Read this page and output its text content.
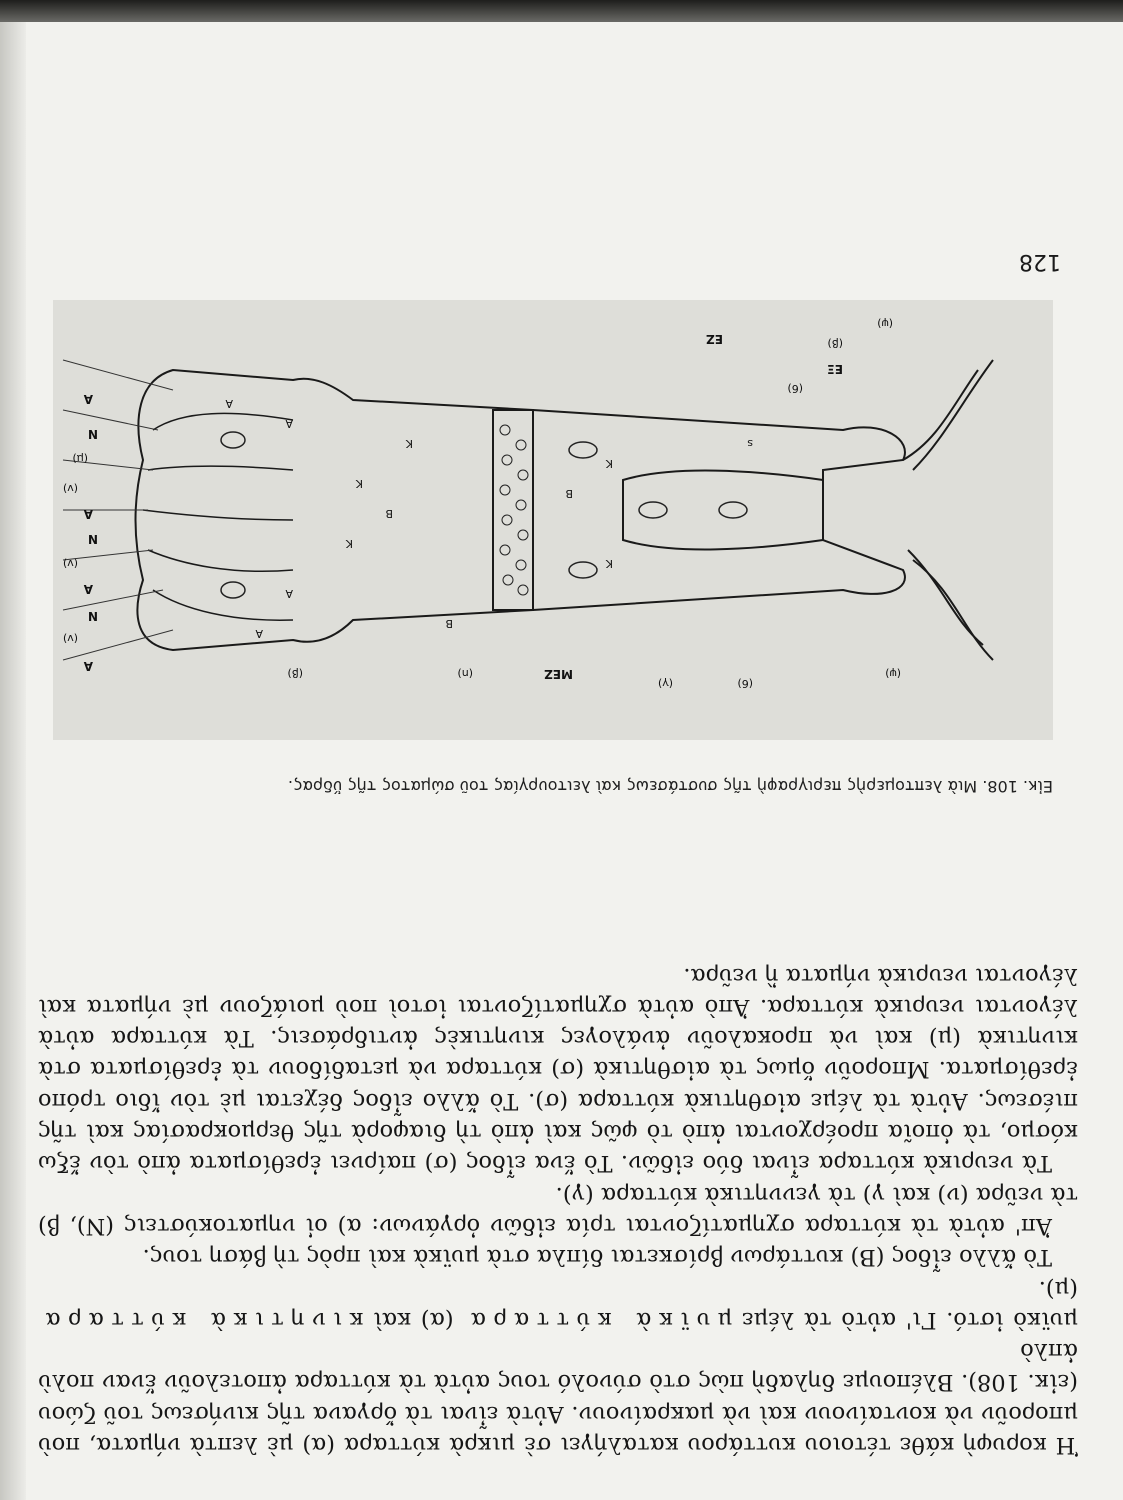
Ἡ κορυφὴ κάθε τέτοιου κυττάρου καταλήγει σὲ μικρὰ κύτταρα (α) μὲ λεπτὰ νήματα, ποὺ μποροῦν νὰ κονταίνουν καὶ νὰ μακραίνουν. Αὐτὰ εἶναι τὰ ὄργανα τῆς κινήσεως τοῦ ζώου (εἰκ. 108). Βλέπουμε δηλαδὴ πὼς στὸ σύνολό τους αὐτὰ τὰ κύτταρα ἀποτελοῦν ἕναν πολὺ ἁπλὸ

μυϊκὸ ἰστό. Γι' αὐτὸ τὰ λέμε μυϊκὰ κύτταρα (α) καὶ κινητικὰ κύτταρα (μ).

Τὸ ἄλλο εἶδος (Β) κυττάρων βρίσκεται δίπλα στὰ μυϊκὰ καὶ πρὸς τὴ βάση τους.

Ἀπ' αὐτὰ τὰ κύτταρα σχηματίζονται τρία εἰδῶν ὀργάνων: α) οἱ νηματοκύστεις (Ν), β) τὰ νεῦρα (ν) καὶ γ) τὰ γεννητικὰ κύτταρα (γ).

Τὰ νευρικὰ κύτταρα εἶναι δύο εἰδῶν. Τὸ ἕνα εἶδος (σ) παίρνει ἐρεθίσματα ἀπὸ τὸν ἔξω κόσμο, τὰ ὁποῖα προέρχονται ἀπὸ τὸ φῶς καὶ ἀπὸ τὴ διαφορὰ τῆς θερμοκρασίας καὶ τῆς πιέσεως. Αὐτὰ τὰ λέμε αἰσθητικὰ κύτταρα (σ). Τὸ ἄλλο εἶδος δέχεται μὲ τὸν ἴδιο τρόπο ἐρεθίσματα. Μποροῦν ὅμως τὰ αἰσθητικὰ (σ) κύτταρα νὰ μεταδίδουν τὰ ἐρεθίσματα στὰ κινητικὰ (μ) καὶ νὰ προκαλοῦν ἀνάλογες κινητικὲς ἀντιδράσεις. Τὰ κύτταρα αὐτὰ λέγονται νευρικὰ κύτταρα. Ἀπὸ αὐτὰ σχηματίζονται ἰστοὶ ποὺ μοιάζουν μὲ νήματα καὶ λέγονται νευρικὰ νήματα ἢ νεῦρα.

Εἰκ. 108. Μιὰ λεπτομερὴς περιγραφὴ τῆς συστάσεως καὶ λειτουργίας τοῦ σώματος τῆς ὕδρας.
(ψ)
(6)
(γ)
MEZ
(n)
Β
(β)
A
(ψ)
(β)
A
K
B
K
EZ
EΞ
(6)
A
(v)
N
A
(v)
N
A
(v)
(μ)
N
A
K
K
K
B
A
A
s
128
